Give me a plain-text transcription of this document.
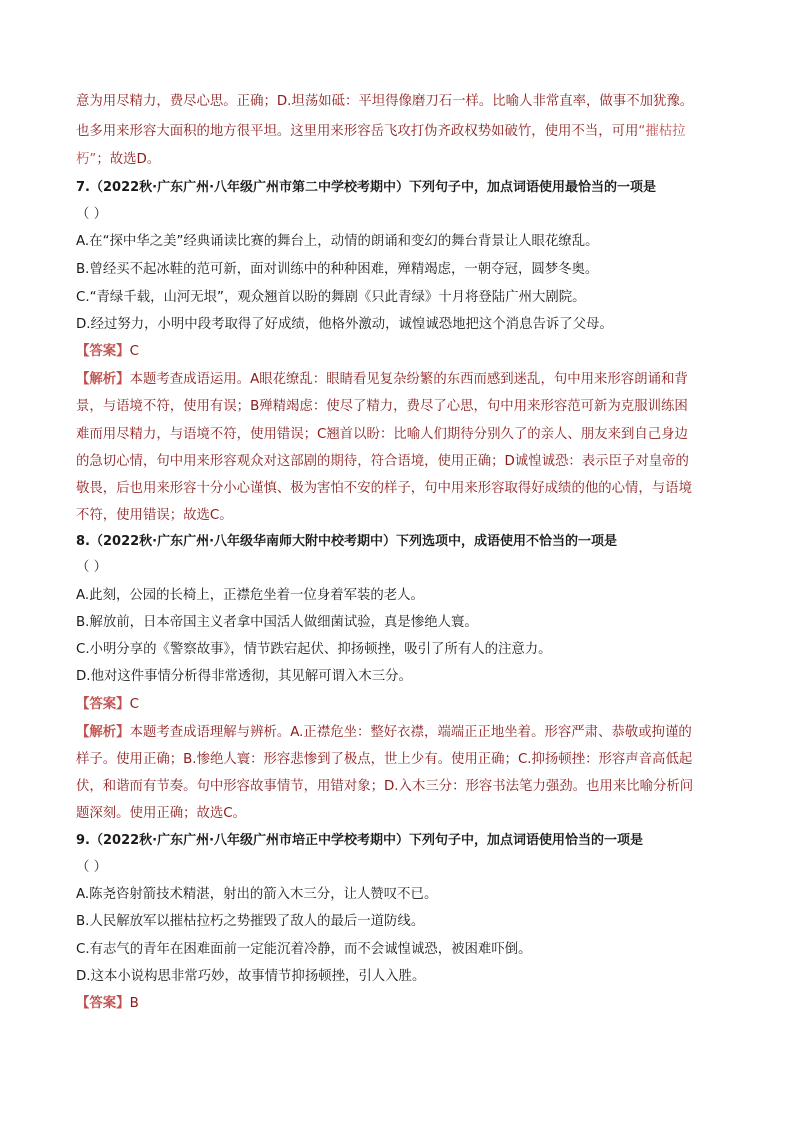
意为用尽精力，费尽心思。正确；D.坦荡如砥：平坦得像磨刀石一样。比喻人非常直率，做事不加犹豫。
也多用来形容大面积的地方很平坦。这里用来形容岳飞攻打伪齐政权势如破竹，使用不当，可用“摧枯拉
朽”；故选D。
7.（2022秋·广东广州·八年级广州市第二中学校考期中）下列句子中，加点词语使用最恰当的一项是
（ ）
A.在“探中华之美”经典诵读比赛的舞台上，动情的朗诵和变幻的舞台背景让人眼花缭乱。
B.曾经买不起冰鞋的范可新，面对训练中的种种困难，殚精竭虑，一朝夺冠，圆梦冬奥。
C.“青绿千载，山河无垠”，观众翘首以盼的舞剧《只此青绿》十月将登陆广州大剧院。
D.经过努力，小明中段考取得了好成绩，他格外激动，诚惶诚恐地把这个消息告诉了父母。
【答案】C
【解析】本题考查成语运用。A眼花缭乱：眼睛看见复杂纷繁的东西而感到迷乱，句中用来形容朗诵和背
景，与语境不符，使用有误；B殚精竭虑：使尽了精力，费尽了心思，句中用来形容范可新为克服训练困
难而用尽精力，与语境不符，使用错误；C翘首以盼：比喻人们期待分别久了的亲人、朋友来到自己身边
的急切心情，句中用来形容观众对这部剧的期待，符合语境，使用正确；D诚惶诚恐：表示臣子对皇帝的
敬畏，后也用来形容十分小心谨慎、极为害怕不安的样子，句中用来形容取得好成绩的他的心情，与语境
不符，使用错误；故选C。
8.（2022秋·广东广州·八年级华南师大附中校考期中）下列选项中，成语使用不恰当的一项是
（ ）
A.此刻，公园的长椅上，正襟危坐着一位身着军装的老人。
B.解放前，日本帝国主义者拿中国活人做细菌试验，真是惨绝人寰。
C.小明分享的《警察故事》，情节跌宕起伏、抑扬顿挫，吸引了所有人的注意力。
D.他对这件事情分析得非常透彻，其见解可谓入木三分。
【答案】C
【解析】本题考查成语理解与辨析。A.正襟危坐：整好衣襟，端端正正地坐着。形容严肃、恭敬或拘谨的
样子。使用正确；B.惨绝人寰：形容悲惨到了极点，世上少有。使用正确；C.抑扬顿挫：形容声音高低起
伏，和谐而有节奏。句中形容故事情节，用错对象；D.入木三分：形容书法笔力强劲。也用来比喻分析问
题深刻。使用正确；故选C。
9.（2022秋·广东广州·八年级广州市培正中学校考期中）下列句子中，加点词语使用恰当的一项是
（ ）
A.陈尧咨射箭技术精湛，射出的箭入木三分，让人赞叹不已。
B.人民解放军以摧枯拉朽之势摧毁了敌人的最后一道防线。
C.有志气的青年在困难面前一定能沉着冷静，而不会诚惶诚恐，被困难吓倒。
D.这本小说构思非常巧妙，故事情节抑扬顿挫，引人入胜。
【答案】B
